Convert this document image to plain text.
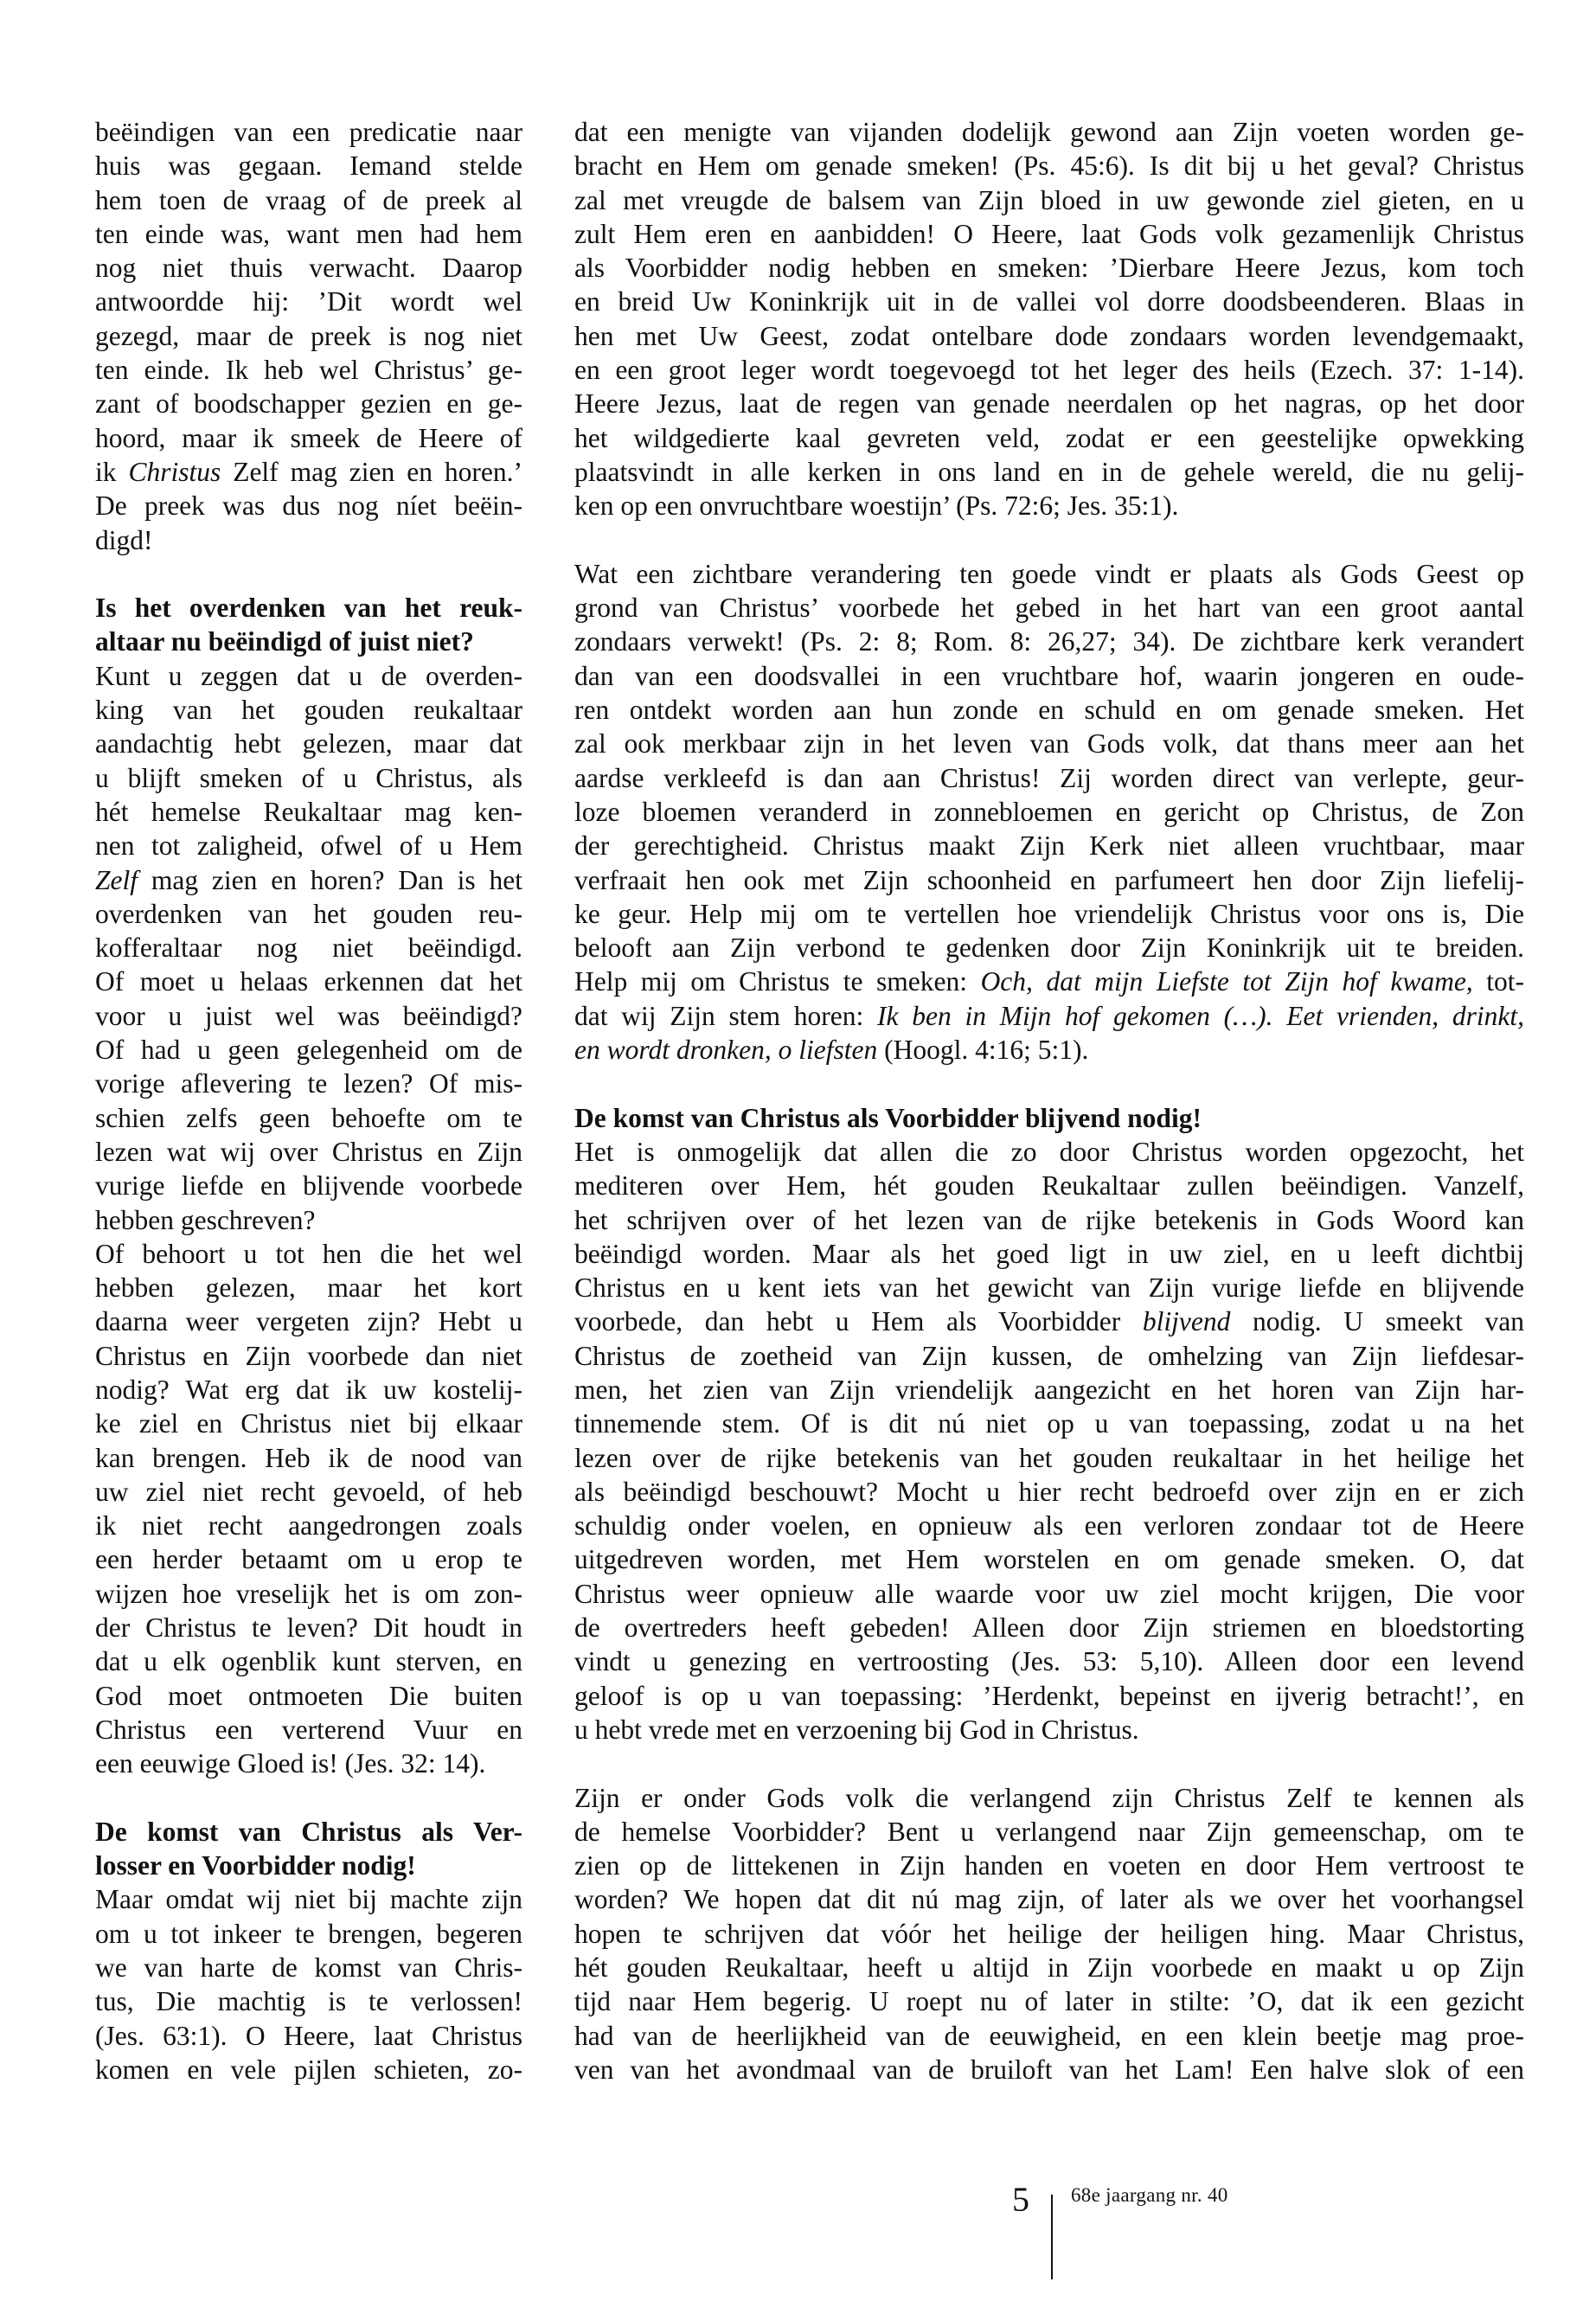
beëindigen van een predicatie naar
huis was gegaan. Iemand stelde
hem toen de vraag of de preek al
ten einde was, want men had hem
nog niet thuis verwacht. Daarop
antwoordde hij: ’Dit wordt wel
gezegd, maar de preek is nog niet
ten einde. Ik heb wel Christus’ ge-
zant of boodschapper gezien en ge-
hoord, maar ik smeek de Heere of
ik Christus Zelf mag zien en horen.’
De preek was dus nog níet beëin-
digd!
Is het overdenken van het reuk-
altaar nu beëindigd of juist niet?
Kunt u zeggen dat u de overden-
king van het gouden reukaltaar
aandachtig hebt gelezen, maar dat
u blijft smeken of u Christus, als
hét hemelse Reukaltaar mag ken-
nen tot zaligheid, ofwel of u Hem
Zelf mag zien en horen? Dan is het
overdenken van het gouden reu-
kofferaltaar nog niet beëindigd.
Of moet u helaas erkennen dat het
voor u juist wel was beëindigd?
Of had u geen gelegenheid om de
vorige aflevering te lezen? Of mis-
schien zelfs geen behoefte om te
lezen wat wij over Christus en Zijn
vurige liefde en blijvende voorbede
hebben geschreven?
Of behoort u tot hen die het wel
hebben gelezen, maar het kort
daarna weer vergeten zijn? Hebt u
Christus en Zijn voorbede dan niet
nodig? Wat erg dat ik uw kostelij-
ke ziel en Christus niet bij elkaar
kan brengen. Heb ik de nood van
uw ziel niet recht gevoeld, of heb
ik niet recht aangedrongen zoals
een herder betaamt om u erop te
wijzen hoe vreselijk het is om zon-
der Christus te leven? Dit houdt in
dat u elk ogenblik kunt sterven, en
God moet ontmoeten Die buiten
Christus een verterend Vuur en
een eeuwige Gloed is! (Jes. 32: 14).
De komst van Christus als Ver-
losser en Voorbidder nodig!
Maar omdat wij niet bij machte zijn
om u tot inkeer te brengen, begeren
we van harte de komst van Chris-
tus, Die machtig is te verlossen!
(Jes. 63:1). O Heere, laat Christus
komen en vele pijlen schieten, zo-
dat een menigte van vijanden dodelijk gewond aan Zijn voeten worden ge-
bracht en Hem om genade smeken! (Ps. 45:6). Is dit bij u het geval? Christus
zal met vreugde de balsem van Zijn bloed in uw gewonde ziel gieten, en u
zult Hem eren en aanbidden! O Heere, laat Gods volk gezamenlijk Christus
als Voorbidder nodig hebben en smeken: ’Dierbare Heere Jezus, kom toch
en breid Uw Koninkrijk uit in de vallei vol dorre doodsbeenderen. Blaas in
hen met Uw Geest, zodat ontelbare dode zondaars worden levendgemaakt,
en een groot leger wordt toegevoegd tot het leger des heils (Ezech. 37: 1-14).
Heere Jezus, laat de regen van genade neerdalen op het nagras, op het door
het wildgedierte kaal gevreten veld, zodat er een geestelijke opwekking
plaatsvindt in alle kerken in ons land en in de gehele wereld, die nu gelij-
ken op een onvruchtbare woestijn’ (Ps. 72:6; Jes. 35:1).
Wat een zichtbare verandering ten goede vindt er plaats als Gods Geest op
grond van Christus’ voorbede het gebed in het hart van een groot aantal
zondaars verwekt! (Ps. 2: 8; Rom. 8: 26,27; 34). De zichtbare kerk verandert
dan van een doodsvallei in een vruchtbare hof, waarin jongeren en oude-
ren ontdekt worden aan hun zonde en schuld en om genade smeken. Het
zal ook merkbaar zijn in het leven van Gods volk, dat thans meer aan het
aardse verkleefd is dan aan Christus! Zij worden direct van verlepte, geur-
loze bloemen veranderd in zonnebloemen en gericht op Christus, de Zon
der gerechtigheid. Christus maakt Zijn Kerk niet alleen vruchtbaar, maar
verfraait hen ook met Zijn schoonheid en parfumeert hen door Zijn liefelij-
ke geur. Help mij om te vertellen hoe vriendelijk Christus voor ons is, Die
belooft aan Zijn verbond te gedenken door Zijn Koninkrijk uit te breiden.
Help mij om Christus te smeken: Och, dat mijn Liefste tot Zijn hof kwame, tot-
dat wij Zijn stem horen: Ik ben in Mijn hof gekomen (…). Eet vrienden, drinkt,
en wordt dronken, o liefsten (Hoogl. 4:16; 5:1).
De komst van Christus als Voorbidder blijvend nodig!
Het is onmogelijk dat allen die zo door Christus worden opgezocht, het
mediteren over Hem, hét gouden Reukaltaar zullen beëindigen. Vanzelf,
het schrijven over of het lezen van de rijke betekenis in Gods Woord kan
beëindigd worden. Maar als het goed ligt in uw ziel, en u leeft dichtbij
Christus en u kent iets van het gewicht van Zijn vurige liefde en blijvende
voorbede, dan hebt u Hem als Voorbidder blijvend nodig. U smeekt van
Christus de zoetheid van Zijn kussen, de omhelzing van Zijn liefdesar-
men, het zien van Zijn vriendelijk aangezicht en het horen van Zijn har-
tinnemende stem. Of is dit nú niet op u van toepassing, zodat u na het
lezen over de rijke betekenis van het gouden reukaltaar in het heilige het
als beëindigd beschouwt? Mocht u hier recht bedroefd over zijn en er zich
schuldig onder voelen, en opnieuw als een verloren zondaar tot de Heere
uitgedreven worden, met Hem worstelen en om genade smeken. O, dat
Christus weer opnieuw alle waarde voor uw ziel mocht krijgen, Die voor
de overtreders heeft gebeden! Alleen door Zijn striemen en bloedstorting
vindt u genezing en vertroosting (Jes. 53: 5,10). Alleen door een levend
geloof is op u van toepassing: ’Herdenkt, bepeinst en ijverig betracht!’, en
u hebt vrede met en verzoening bij God in Christus.
Zijn er onder Gods volk die verlangend zijn Christus Zelf te kennen als
de hemelse Voorbidder? Bent u verlangend naar Zijn gemeenschap, om te
zien op de littekenen in Zijn handen en voeten en door Hem vertroost te
worden? We hopen dat dit nú mag zijn, of later als we over het voorhangsel
hopen te schrijven dat vóór het heilige der heiligen hing. Maar Christus,
hét gouden Reukaltaar, heeft u altijd in Zijn voorbede en maakt u op Zijn
tijd naar Hem begerig. U roept nu of later in stilte: ’O, dat ik een gezicht
had van de heerlijkheid van de eeuwigheid, en een klein beetje mag proe-
ven van het avondmaal van de bruiloft van het Lam! Een halve slok of een
5 68e jaargang nr. 40
